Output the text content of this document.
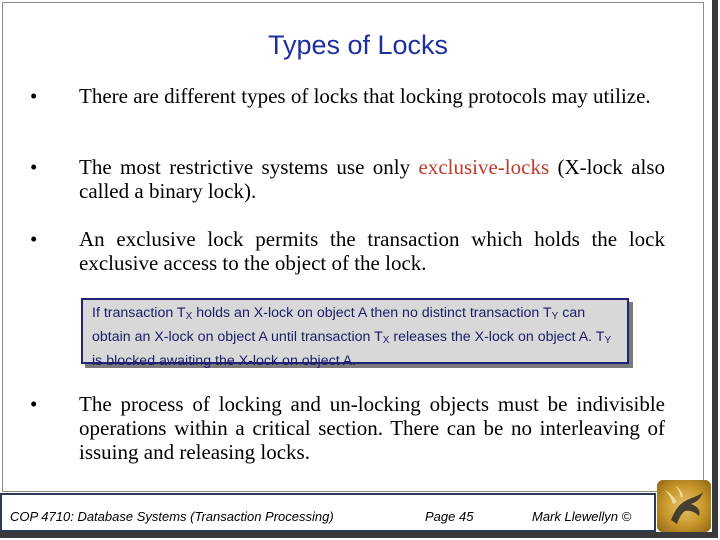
Types of Locks
• There are different types of locks that locking protocols may utilize.
• The most restrictive systems use only exclusive-locks (X-lock also called a binary lock).
• An exclusive lock permits the transaction which holds the lock exclusive access to the object of the lock.
If transaction $T_X$ holds an X-lock on object A then no distinct transaction $T_Y$ can obtain an X-lock on object A until transaction $T_X$ releases the X-lock on object A. $T_Y$ is blocked awaiting the X-lock on object A.
• The process of locking and un-locking objects must be indivisible operations within a critical section. There can be no interleaving of issuing and releasing locks.
COP 4710: Database Systems (Transaction Processing)	Page 45	Mark Llewellyn ©
